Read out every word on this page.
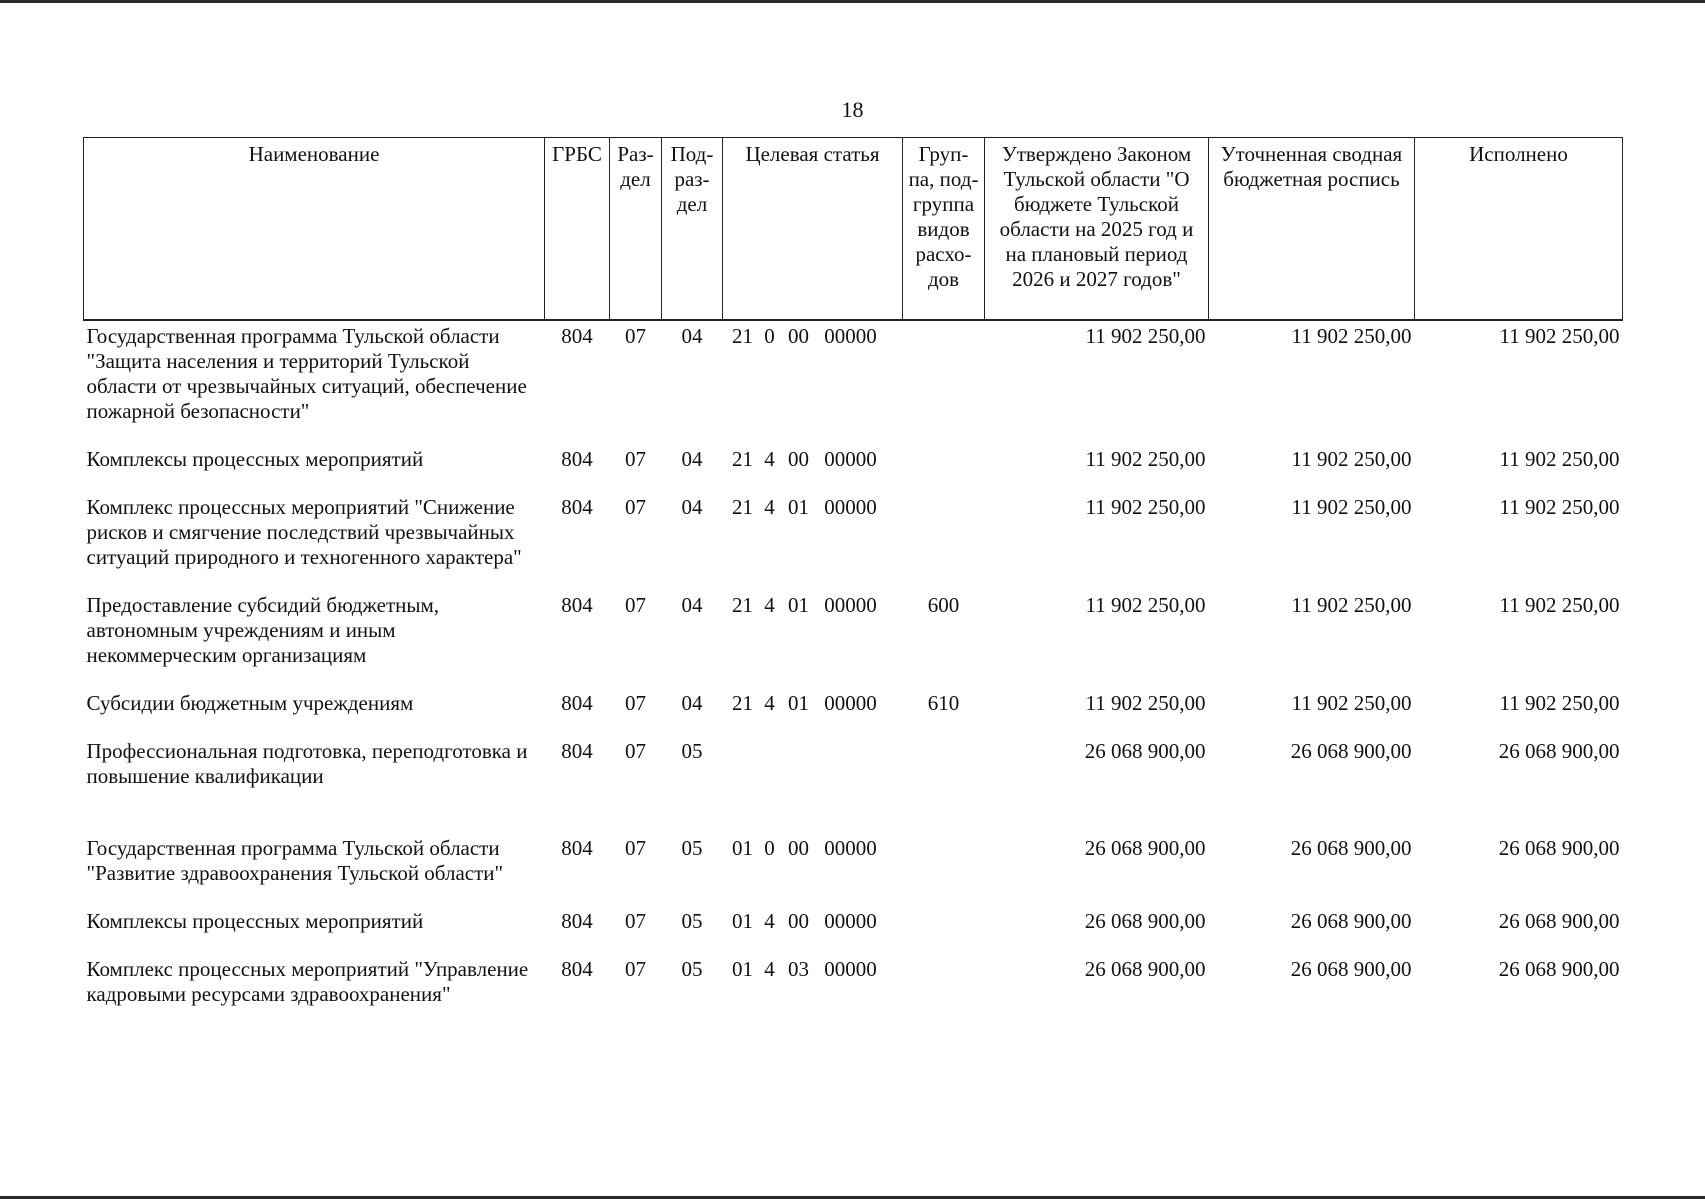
18
Наименование	ГРБС	Раз- дел	Под- раз- дел	Целевая статья	Груп- па, под- группа видов расхо- дов	Утверждено Законом Тульской области "О бюджете Тульской области на 2025 год и на плановый период 2026 и 2027 годов"	Уточненная сводная бюджетная роспись	Исполнено
Государственная программа Тульской области "Защита населения и территорий Тульской области от чрезвычайных ситуаций, обеспечение пожарной безопасности"	804	07	04	21 0 00 00000		11 902 250,00	11 902 250,00	11 902 250,00
Комплексы процессных мероприятий	804	07	04	21 4 00 00000		11 902 250,00	11 902 250,00	11 902 250,00
Комплекс процессных мероприятий "Снижение рисков и смягчение последствий чрезвычайных ситуаций природного и техногенного характера"	804	07	04	21 4 01 00000		11 902 250,00	11 902 250,00	11 902 250,00
Предоставление субсидий бюджетным, автономным учреждениям и иным некоммерческим организациям	804	07	04	21 4 01 00000	600	11 902 250,00	11 902 250,00	11 902 250,00
Субсидии бюджетным учреждениям	804	07	04	21 4 01 00000	610	11 902 250,00	11 902 250,00	11 902 250,00
Профессиональная подготовка, переподготовка и повышение квалификации	804	07	05			26 068 900,00	26 068 900,00	26 068 900,00
Государственная программа Тульской области "Развитие здравоохранения Тульской области"	804	07	05	01 0 00 00000		26 068 900,00	26 068 900,00	26 068 900,00
Комплексы процессных мероприятий	804	07	05	01 4 00 00000		26 068 900,00	26 068 900,00	26 068 900,00
Комплекс процессных мероприятий "Управление кадровыми ресурсами здравоохранения"	804	07	05	01 4 03 00000		26 068 900,00	26 068 900,00	26 068 900,00
